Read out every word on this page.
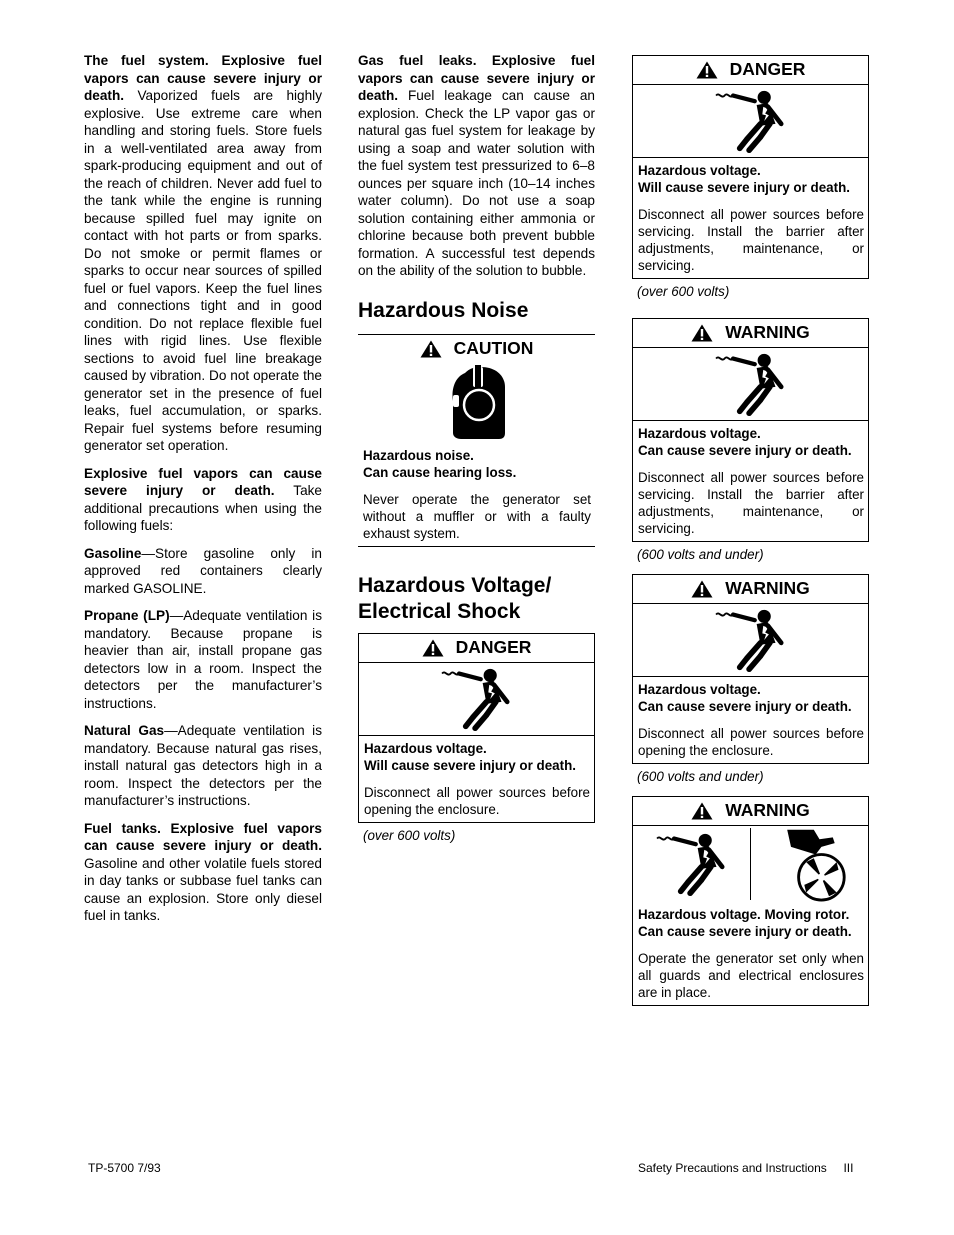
The fuel system. Explosive fuel vapors can cause severe injury or death. Vaporized fuels are highly explosive. Use extreme care when handling and storing fuels. Store fuels in a well-ventilated area away from spark-producing equipment and out of the reach of children. Never add fuel to the tank while the engine is running because spilled fuel may ignite on contact with hot parts or from sparks. Do not smoke or permit flames or sparks to occur near sources of spilled fuel or fuel vapors. Keep the fuel lines and connections tight and in good condition. Do not replace flexible fuel lines with rigid lines. Use flexible sections to avoid fuel line breakage caused by vibration. Do not operate the generator set in the presence of fuel leaks, fuel accumulation, or sparks. Repair fuel systems before resuming generator set operation.

Explosive fuel vapors can cause severe injury or death. Take additional precautions when using the following fuels:

Gasoline—Store gasoline only in approved red containers clearly marked GASOLINE.

Propane (LP)—Adequate ventilation is mandatory. Because propane is heavier than air, install propane gas detectors low in a room. Inspect the detectors per the manufacturer’s instructions.

Natural Gas—Adequate ventilation is mandatory. Because natural gas rises, install natural gas detectors high in a room. Inspect the detectors per the manufacturer’s instructions.

Fuel tanks. Explosive fuel vapors can cause severe injury or death. Gasoline and other volatile fuels stored in day tanks or subbase fuel tanks can cause an explosion. Store only diesel fuel in tanks.

Gas fuel leaks. Explosive fuel vapors can cause severe injury or death. Fuel leakage can cause an explosion. Check the LP vapor gas or natural gas fuel system for leakage by using a soap and water solution with the fuel system test pressurized to 6–8 ounces per square inch (10–14 inches water column). Do not use a soap solution containing either ammonia or chlorine because both prevent bubble formation. A successful test depends on the ability of the solution to bubble.

Hazardous Noise
CAUTION

Hazardous noise.
Can cause hearing loss.

Never operate the generator set without a muffler or with a faulty exhaust system.

Hazardous Voltage/
Electrical Shock
DANGER

Hazardous voltage.
Will cause severe injury or death.

Disconnect all power sources before opening the enclosure.

(over 600 volts)
DANGER

Hazardous voltage.
Will cause severe injury or death.

Disconnect all power sources before servicing. Install the barrier after adjustments, maintenance, or servicing.

(over 600 volts)
WARNING

Hazardous voltage.
Can cause severe injury or death.

Disconnect all power sources before servicing. Install the barrier after adjustments, maintenance, or servicing.

(600 volts and under)
WARNING

Hazardous voltage.
Can cause severe injury or death.

Disconnect all power sources before opening the enclosure.

(600 volts and under)
WARNING

Hazardous voltage. Moving rotor.
Can cause severe injury or death.

Operate the generator set only when all guards and electrical enclosures are in place.

TP-5700 7/93	Safety Precautions and Instructions     III
